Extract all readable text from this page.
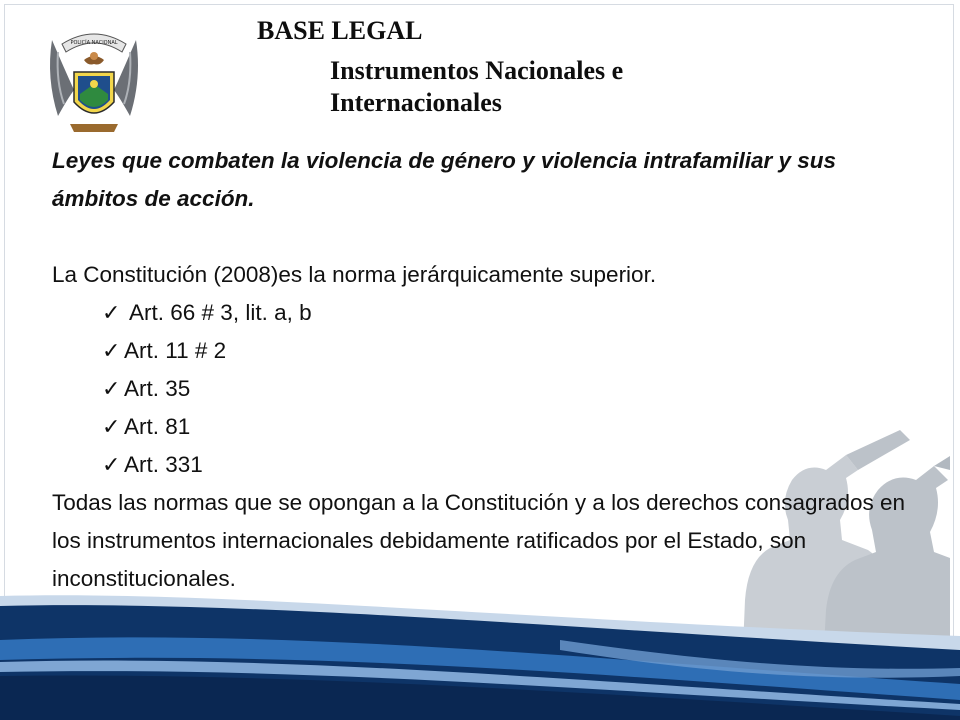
POLICÍA NACIONAL	BASE LEGAL
Instrumentos Nacionales e Internacionales

Leyes que combaten la violencia de género y violencia intrafamiliar y sus ámbitos de acción.

La Constitución (2008)es la norma jerárquicamente superior.

✓ Art. 66 # 3, lit. a, b
✓ Art. 11 # 2
✓ Art. 35
✓ Art. 81
✓ Art. 331

Todas las normas que se opongan a la Constitución y a los derechos consagrados en los instrumentos internacionales debidamente ratificados por el Estado, son inconstitucionales.
